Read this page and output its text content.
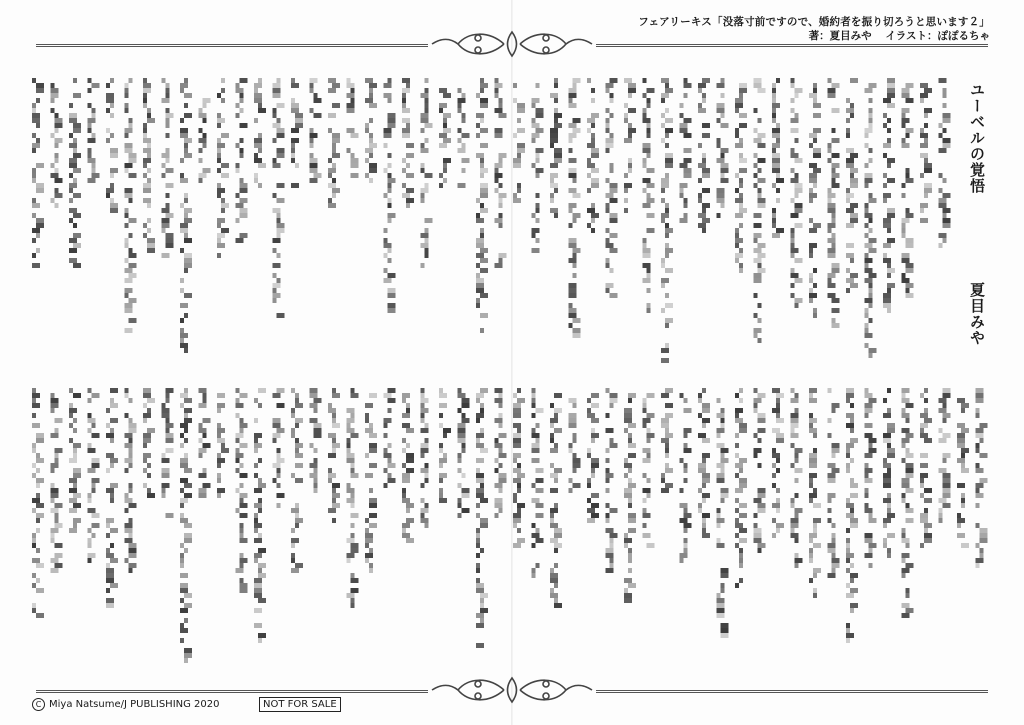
フェアリーキス「没落寸前ですので、婚約者を振り切ろうと思います２」
著：夏目みや イラスト：ぽぽるちゃ
ユーベルの覚悟
夏目みや
C Miya Natsume/J PUBLISHING 2020	NOT FOR SALE
